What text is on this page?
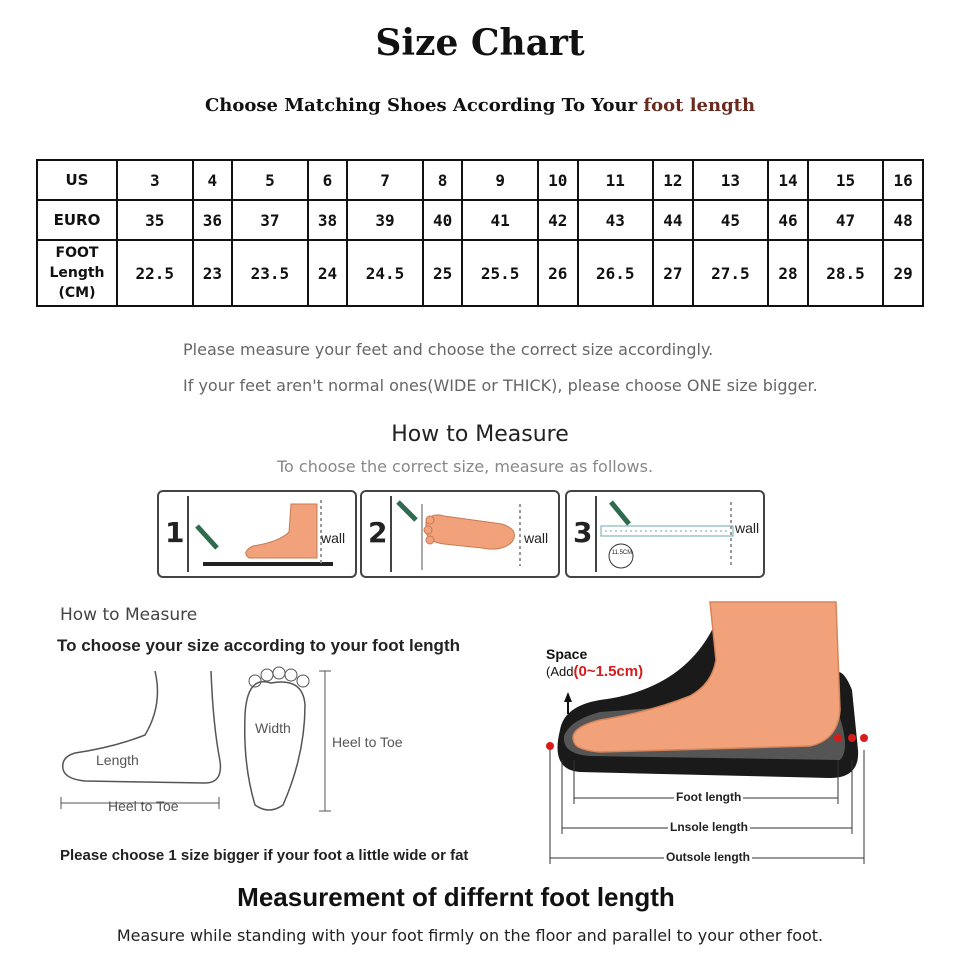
Size Chart
Choose Matching Shoes According To Your foot length
US	3	4	5	6	7	8	9	10	11	12	13	14	15	16
EURO	35	36	37	38	39	40	41	42	43	44	45	46	47	48

FOOT
Length
(CM)	22.5	23	23.5	24	24.5	25	25.5	26	26.5	27	27.5	28	28.5	29
Please measure your feet and choose the correct size accordingly.
If your feet aren't normal ones(WIDE or THICK), please choose ONE size bigger.
How to Measure
To choose the correct size, measure as follows.
1	wall 2	wall 3
11.5CM
wall
How to Measure
To choose your size according to your foot length
Length
Heel to Toe
Width
Heel to Toe
Please choose 1 size bigger if your foot a little wide or fat
Space
(Add(0~1.5cm)
Foot length
Lnsole length
Outsole length
Measurement of differnt foot length
Measure while standing with your foot firmly on the floor and parallel to your other foot.
